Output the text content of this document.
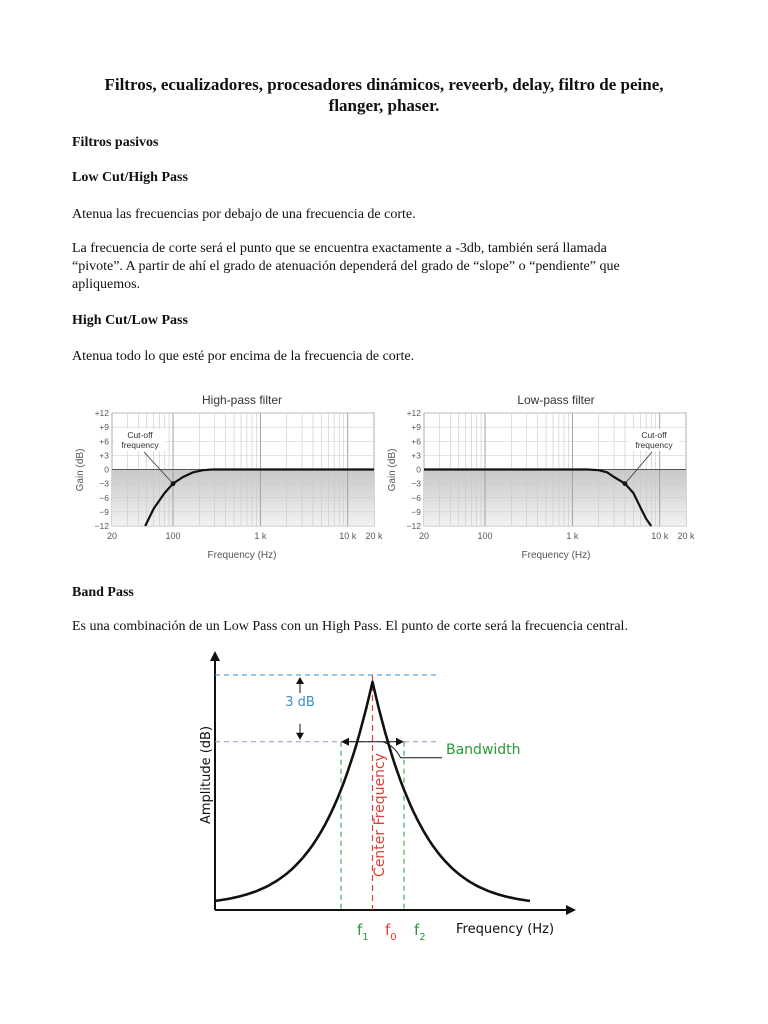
Filtros, ecualizadores, procesadores dinámicos, reveerb, delay, filtro de peine,
flanger, phaser.
Filtros pasivos
Low Cut/High Pass
Atenua las frecuencias por debajo de una frecuencia de corte.
La frecuencia de corte será el punto que se encuentra exactamente a -3db, también será llamada
“pivote”. A partir de ahí el grado de atenuación dependerá del grado de “slope” o “pendiente” que
apliquemos.
High Cut/Low Pass
Atenua todo lo que esté por encima de la frecuencia de corte.
High-pass filter
Gain (dB)
Frequency (Hz)
+12
+9
+6
+3
0
−3
−6
−9
−12
20	100	1 k	10 k 20 k
Cut-off
frequency
Low-pass filter
Gain (dB)
Frequency (Hz)
+12
+9
+6
+3
0
−3
−6
−9
−12
20	100	1 k	10 k 20 k
Cut-off
frequency
Band Pass
Es una combinación de un Low Pass con un High Pass. El punto de corte será la frecuencia central.
Amplitude (dB)
Frequency (Hz)
3 dB
Bandwidth
Center Frequency
$f_1$ $f_0$ $f_2$
